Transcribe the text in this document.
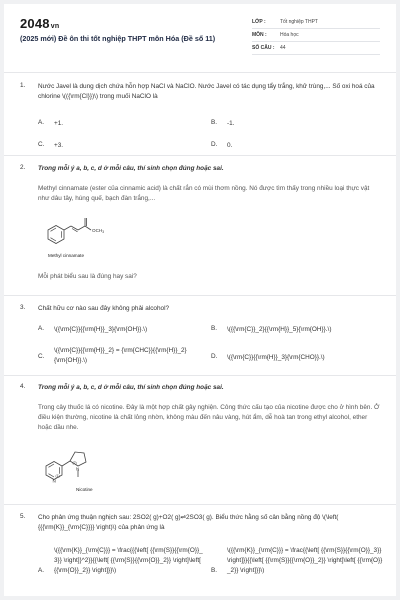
2048vn
(2025 mới) Đề ôn thi tốt nghiệp THPT môn Hóa (Đề số 11)
LỚP :	Tốt nghiệp THPT
MÔN :	Hóa học
SỐ CÂU :	44
1. Nước Javel là dung dịch chứa hỗn hợp NaCl và NaClO. Nước Javel có tác dụng tẩy trắng, khử trùng,... Số oxi hoá của chlorine \(({\rm{Cl}})\) trong muối NaClO là
A. +1.	B. -1.
C. +3.	D. 0.
2. Trong mỗi ý a, b, c, d ở mỗi câu, thí sinh chọn đúng hoặc sai.
Methyl cinnamate (ester của cinnamic acid) là chất rắn có mùi thơm nồng. Nó được tìm thấy trong nhiều loại thực vật như dâu tây, húng quế, bạch đàn trắng,...
$OCH_3$
Methyl cinnamate
Mỗi phát biểu sau là đúng hay sai?
3. Chất hữu cơ nào sau đây không phải alcohol?
A. \({\rm{C}}{{\rm{H}}_3}{\rm{OH}}.\)	B. \({{\rm{C}}_2}{{\rm{H}}_5}{\rm{OH}}.\)
C.
\({\rm{C}}{{\rm{H}}_2} = {\rm{CHC}}{{\rm{H}}_2}{\rm{OH}}.\)
D. \({\rm{C}}{{\rm{H}}_3}{\rm{CHO}}.\)
4. Trong mỗi ý a, b, c, d ở mỗi câu, thí sinh chọn đúng hoặc sai.
Trong cây thuốc lá có nicotine. Đây là một hợp chất gây nghiện. Công thức cấu tạo của nicotine được cho ở hình bên. Ở điều kiện thường, nicotine là chất lỏng nhờn, không màu đến nâu vàng, hút ẩm, dễ hoà tan trong ethyl alcohol, ether hoặc dầu nhe.
N
(1)
N
(2)
Nicotine
5. Cho phản ứng thuận nghịch sau: 2SO2( g)+O2( g)⇌2SO3( g). Biểu thức hằng số cân bằng nồng độ \(\left( {{{\rm{K}}_{\rm{C}}}} \right)\) của phản ứng là
A.
\({{\rm{K}}_{\rm{C}}} = \frac{{{\left[ {{\rm{S}}{{\rm{O}}_3}} \right]}^2}}{{\left[ {{\rm{S}}{{\rm{O}}_2}} \right]\left[ {{\rm{O}}_2}} \right]}}\)	B.
\({{\rm{K}}_{\rm{C}}} = \frac{{\left[ {{\rm{S}}{{\rm{O}}_3}} \right]}}{{\left[ {{\rm{S}}{{\rm{O}}_2}} \right]\left[ {{\rm{O}}_2}} \right]}}\)
